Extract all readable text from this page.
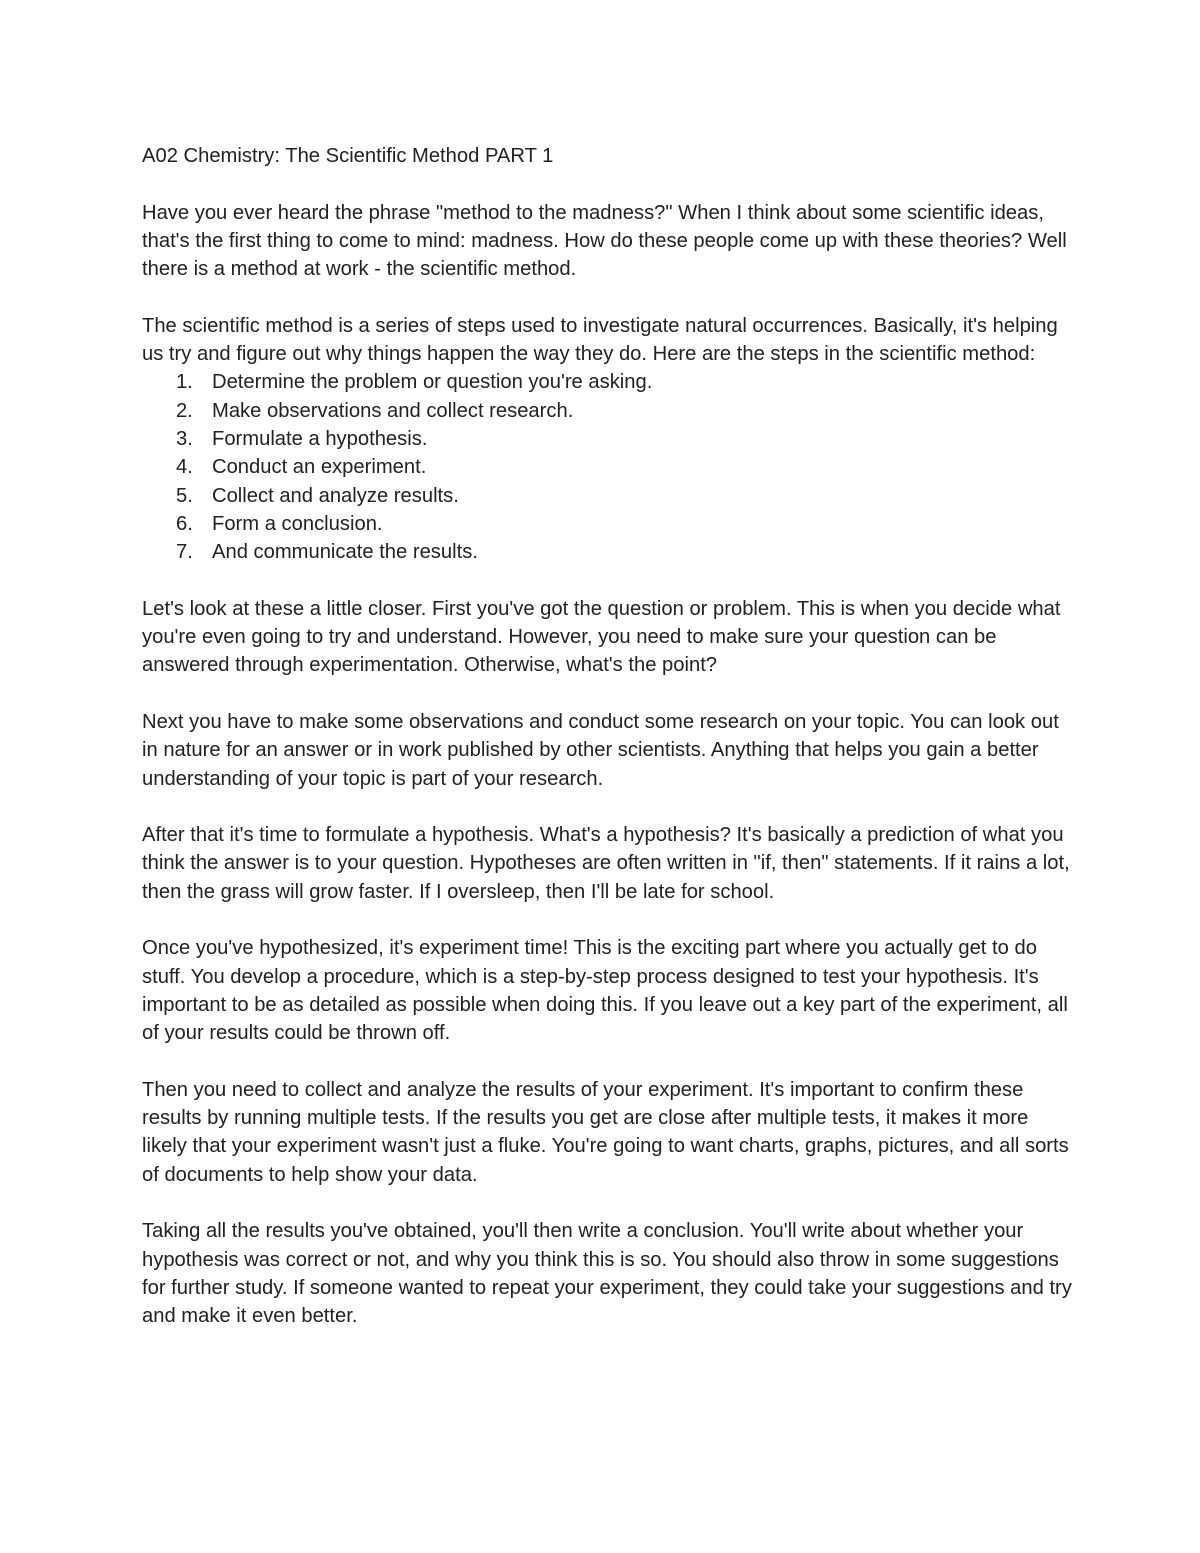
A02 Chemistry: The Scientific Method PART 1

Have you ever heard the phrase "method to the madness?" When I think about some scientific ideas, that's the first thing to come to mind: madness. How do these people come up with these theories? Well there is a method at work - the scientific method.

The scientific method is a series of steps used to investigate natural occurrences. Basically, it's helping us try and figure out why things happen the way they do. Here are the steps in the scientific method:

1. Determine the problem or question you're asking.
2. Make observations and collect research.
3. Formulate a hypothesis.
4. Conduct an experiment.
5. Collect and analyze results.
6. Form a conclusion.
7. And communicate the results.

Let's look at these a little closer. First you've got the question or problem. This is when you decide what you're even going to try and understand. However, you need to make sure your question can be answered through experimentation. Otherwise, what's the point?

Next you have to make some observations and conduct some research on your topic. You can look out in nature for an answer or in work published by other scientists. Anything that helps you gain a better understanding of your topic is part of your research.

After that it's time to formulate a hypothesis. What's a hypothesis? It's basically a prediction of what you think the answer is to your question. Hypotheses are often written in "if, then" statements. If it rains a lot, then the grass will grow faster. If I oversleep, then I'll be late for school.

Once you've hypothesized, it's experiment time! This is the exciting part where you actually get to do stuff. You develop a procedure, which is a step-by-step process designed to test your hypothesis. It's important to be as detailed as possible when doing this. If you leave out a key part of the experiment, all of your results could be thrown off.

Then you need to collect and analyze the results of your experiment. It's important to confirm these results by running multiple tests. If the results you get are close after multiple tests, it makes it more likely that your experiment wasn't just a fluke. You're going to want charts, graphs, pictures, and all sorts of documents to help show your data.

Taking all the results you've obtained, you'll then write a conclusion. You'll write about whether your hypothesis was correct or not, and why you think this is so. You should also throw in some suggestions for further study. If someone wanted to repeat your experiment, they could take your suggestions and try and make it even better.
